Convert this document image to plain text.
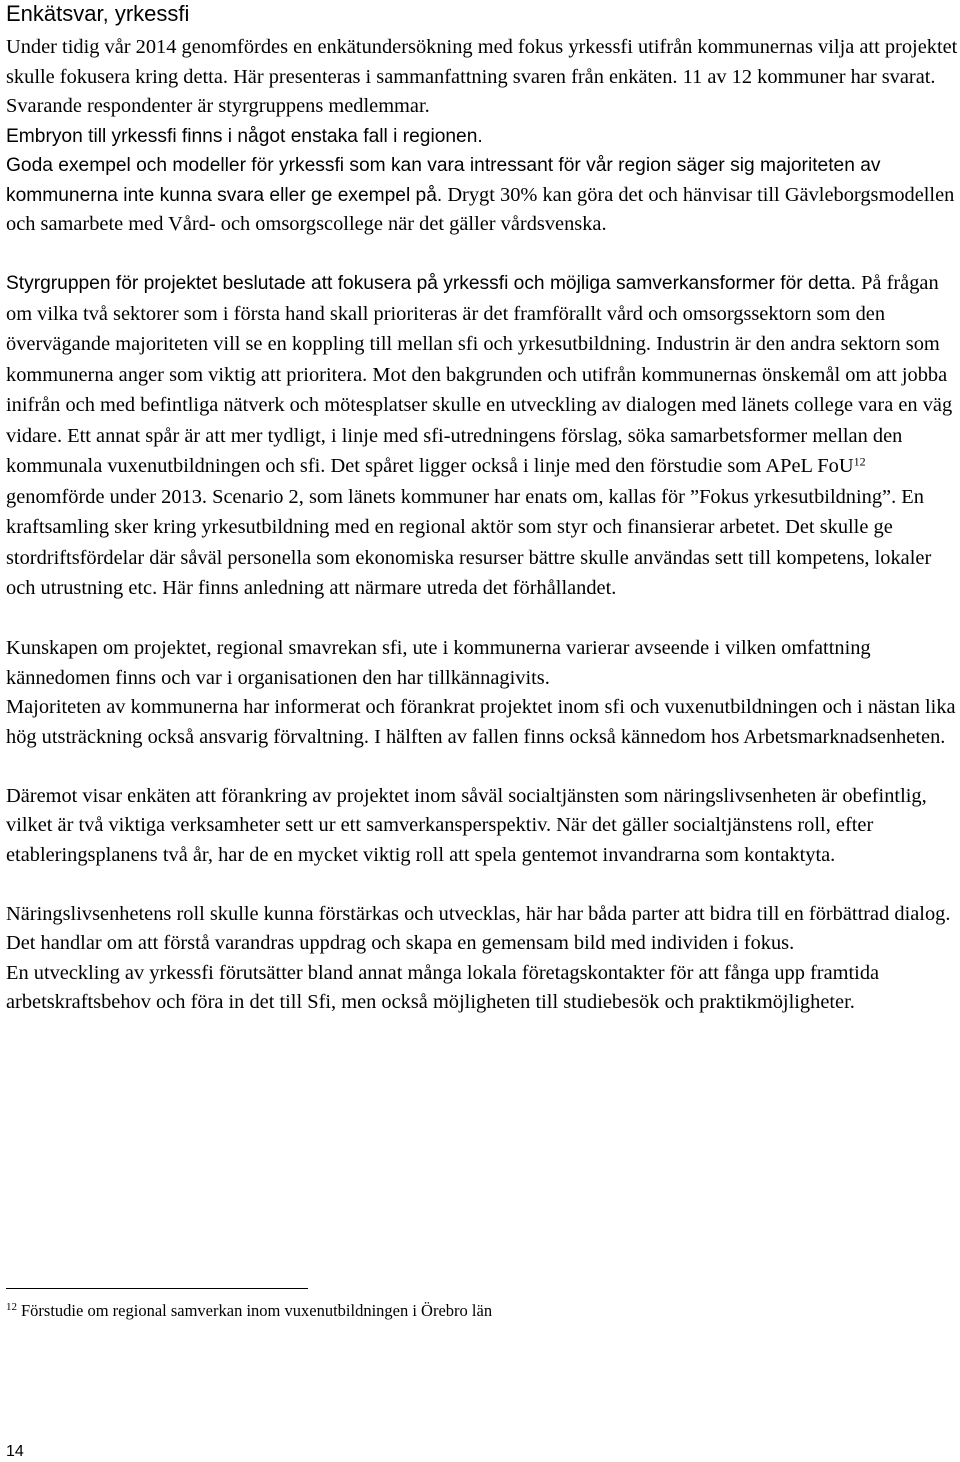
Enkätsvar, yrkessfi

Under tidig vår 2014 genomfördes en enkätundersökning med fokus yrkessfi utifrån kommunernas vilja att projektet skulle fokusera kring detta. Här presenteras i sammanfattning svaren från enkäten. 11 av 12 kommuner har svarat. Svarande respondenter är styrgruppens medlemmar.

Embryon till yrkessfi finns i något enstaka fall i regionen.

Goda exempel och modeller för yrkessfi som kan vara intressant för vår region säger sig majoriteten av kommunerna inte kunna svara eller ge exempel på. Drygt 30% kan göra det och hänvisar till Gävleborgsmodellen och samarbete med Vård- och omsorgscollege när det gäller vårdsvenska.

Styrgruppen för projektet beslutade att fokusera på yrkessfi och möjliga samverkansformer för detta. På frågan om vilka två sektorer som i första hand skall prioriteras är det framförallt vård och omsorgssektorn som den övervägande majoriteten vill se en koppling till mellan sfi och yrkesutbildning. Industrin är den andra sektorn som kommunerna anger som viktig att prioritera. Mot den bakgrunden och utifrån kommunernas önskemål om att jobba inifrån och med befintliga nätverk och mötesplatser skulle en utveckling av dialogen med länets college vara en väg vidare. Ett annat spår är att mer tydligt, i linje med sfi-utredningens förslag, söka samarbetsformer mellan den kommunala vuxenutbildningen och sfi. Det spåret ligger också i linje med den förstudie som APeL FoU$^{12}$ genomförde under 2013. Scenario 2, som länets kommuner har enats om, kallas för ”Fokus yrkesutbildning”. En kraftsamling sker kring yrkesutbildning med en regional aktör som styr och finansierar arbetet. Det skulle ge stordriftsfördelar där såväl personella som ekonomiska resurser bättre skulle användas sett till kompetens, lokaler och utrustning etc. Här finns anledning att närmare utreda det förhållandet.

Kunskapen om projektet, regional smavrekan sfi, ute i kommunerna varierar avseende i vilken omfattning kännedomen finns och var i organisationen den har tillkännagivits.

Majoriteten av kommunerna har informerat och förankrat projektet inom sfi och vuxenutbildningen och i nästan lika hög utsträckning också ansvarig förvaltning. I hälften av fallen finns också kännedom hos Arbetsmarknadsenheten.

Däremot visar enkäten att förankring av projektet inom såväl socialtjänsten som näringslivsenheten är obefintlig, vilket är två viktiga verksamheter sett ur ett samverkansperspektiv. När det gäller socialtjänstens roll, efter etableringsplanens två år, har de en mycket viktig roll att spela gentemot invandrarna som kontaktyta.

Näringslivsenhetens roll skulle kunna förstärkas och utvecklas, här har båda parter att bidra till en förbättrad dialog. Det handlar om att förstå varandras uppdrag och skapa en gemensam bild med individen i fokus.

En utveckling av yrkessfi förutsätter bland annat många lokala företagskontakter för att fånga upp framtida arbetskraftsbehov och föra in det till Sfi, men också möjligheten till studiebesök och praktikmöjligheter.

$^{12}$ Förstudie om regional samverkan inom vuxenutbildningen i Örebro län
14
